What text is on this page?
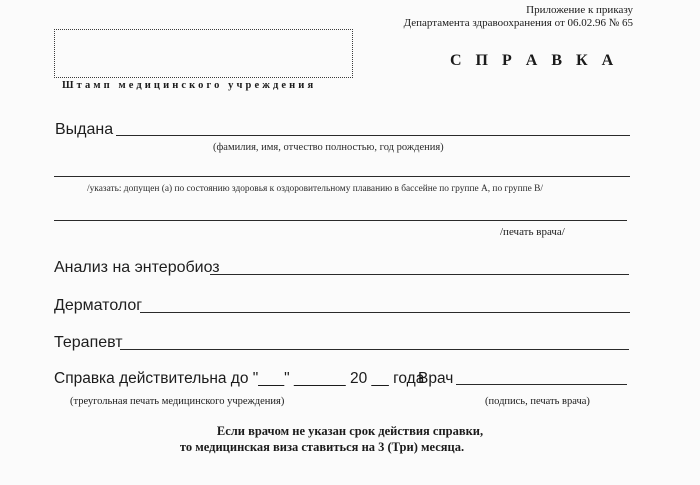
Приложение к приказу
Департамента здравоохранения от 06.02.96 № 65
Штамп медицинского учреждения
С П Р А В К А
Выдана
(фамилия, имя, отчество полностью, год рождения)
/указать: допущен (а) по состоянию здоровья к оздоровительному плаванию в бассейне по группе А, по группе В/
/печать врача/
Анализ на энтеробиоз
Дерматолог
Терапевт
Справка действительна до "___" ______ 20 __ года
Врач
(треугольная печать медицинского учреждения)	(подпись, печать врача)
Если врачом не указан срок действия справки,
то медицинская виза ставиться на 3 (Три) месяца.
